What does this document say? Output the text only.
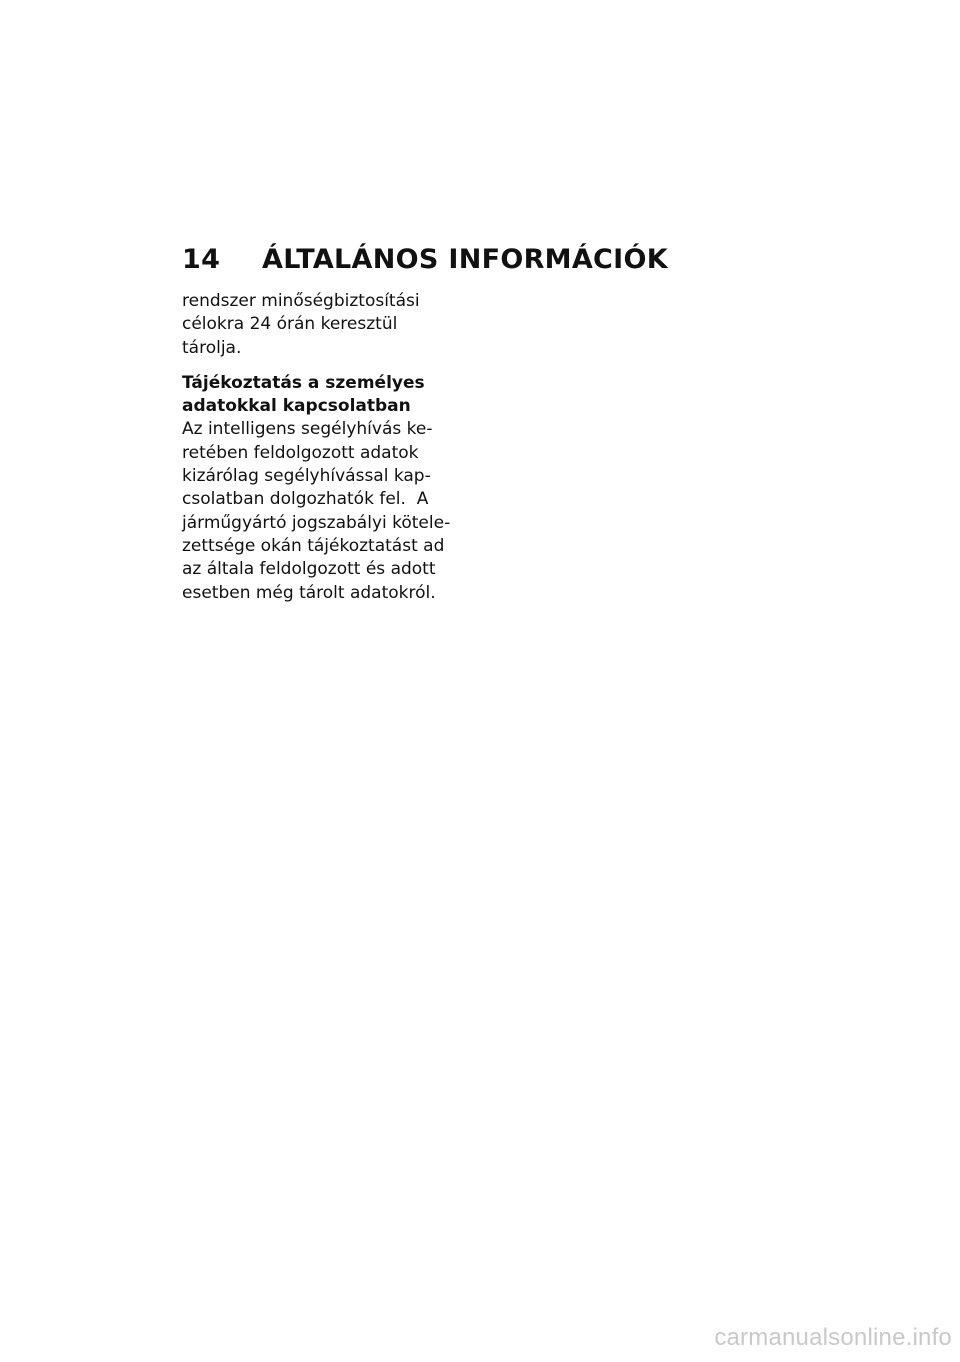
14 ÁLTALÁNOS INFORMÁCIÓK

rendszer minőségbiztosítási

célokra 24 órán keresztül

tárolja.

Tájékoztatás a személyes

adatokkal kapcsolatban

Az intelligens segélyhívás ke-

retében feldolgozott adatok

kizárólag segélyhívással kap-

csolatban dolgozhatók fel.  A

járműgyártó jogszabályi kötele-

zettsége okán tájékoztatást ad

az általa feldolgozott és adott

esetben még tárolt adatokról.

carmanualsonline.info
